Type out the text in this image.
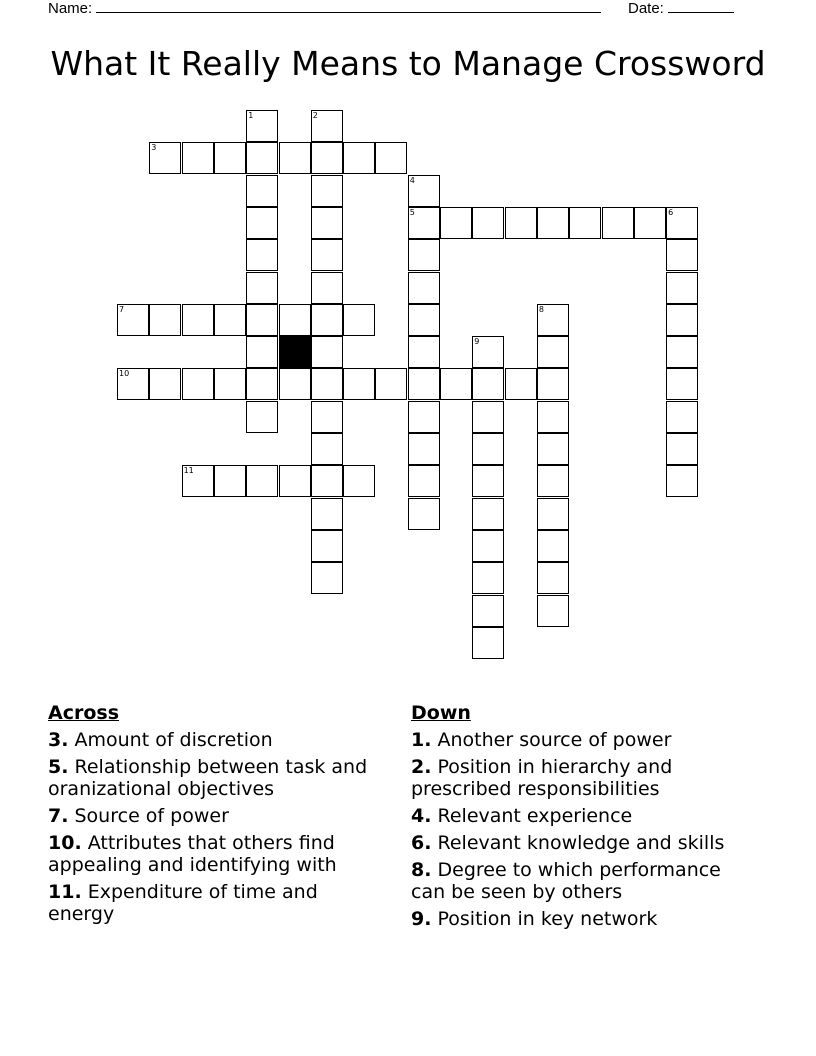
Name:	Date:
What It Really Means to Manage Crossword
1	2
3
4
5	6
7	8
9
10
11
Across
3. Amount of discretion
5. Relationship between task and oranizational objectives
7. Source of power
10. Attributes that others find appealing and identifying with
11. Expenditure of time and energy
Down
1. Another source of power
2. Position in hierarchy and prescribed responsibilities
4. Relevant experience
6. Relevant knowledge and skills
8. Degree to which performance can be seen by others
9. Position in key network
